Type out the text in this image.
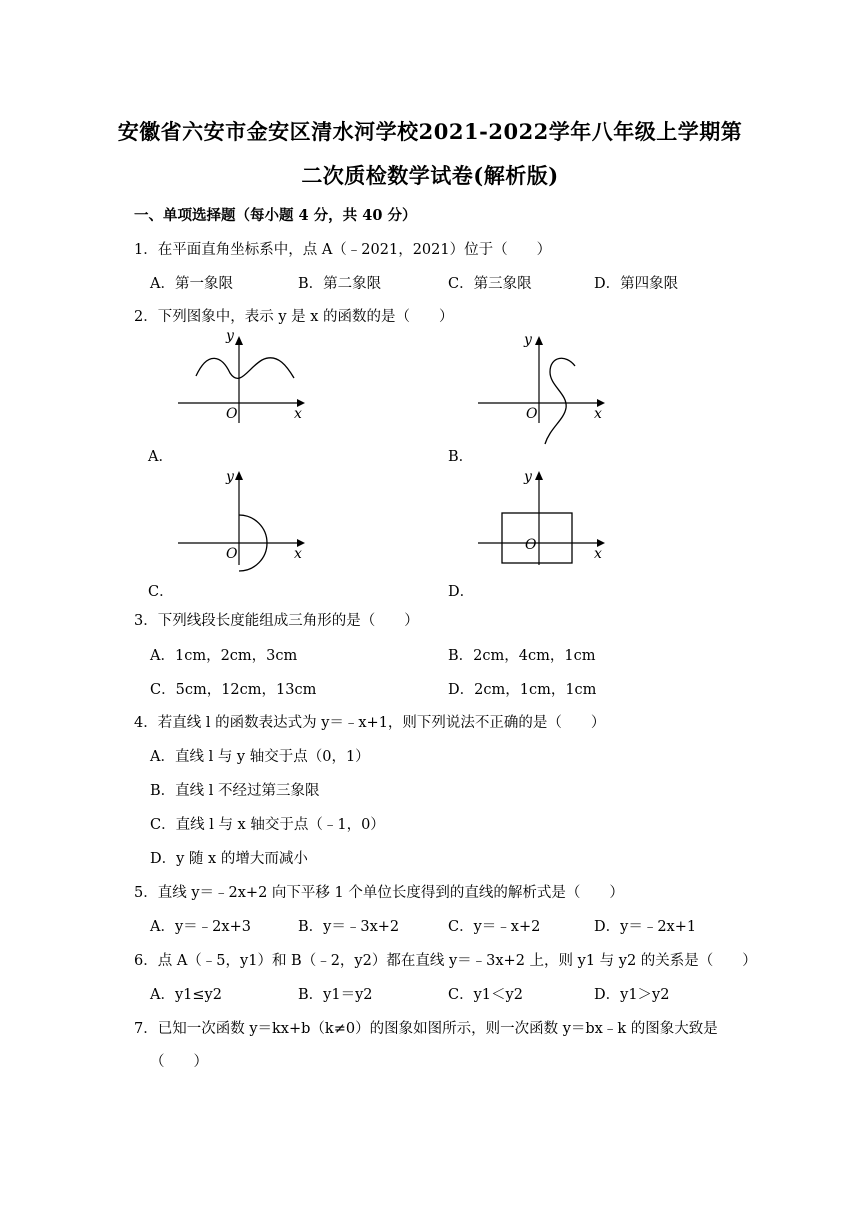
安徽省六安市金安区清水河学校2021-2022学年八年级上学期第
二次质检数学试卷(解析版)
一、单项选择题（每小题 4 分，共 40 分）
1．在平面直角坐标系中，点 A（﹣2021，2021）位于（　　）
A．第一象限	B．第二象限	C．第三象限	D．第四象限
2．下列图象中，表示 y 是 x 的函数的是（　　）
y
x
O
A．
y
x
O
B．
y
x
O
C．
y
x
O
D．
3．下列线段长度能组成三角形的是（　　）
A．1cm，2cm，3cm	B．2cm，4cm，1cm
C．5cm，12cm，13cm	D．2cm，1cm，1cm
4．若直线 l 的函数表达式为 y＝﹣x+1，则下列说法不正确的是（　　）
A．直线 l 与 y 轴交于点（0，1）
B．直线 l 不经过第三象限
C．直线 l 与 x 轴交于点（﹣1，0）
D．y 随 x 的增大而减小
5．直线 y＝﹣2x+2 向下平移 1 个单位长度得到的直线的解析式是（　　）
A．y＝﹣2x+3	B．y＝﹣3x+2	C．y＝﹣x+2	D．y＝﹣2x+1
6．点 A（﹣5，y1）和 B（﹣2，y2）都在直线 y＝﹣3x+2 上，则 y1 与 y2 的关系是（　　）
A．y1≤y2	B．y1＝y2	C．y1＜y2	D．y1＞y2
7．已知一次函数 y＝kx+b（k≠0）的图象如图所示，则一次函数 y＝bx﹣k 的图象大致是
（　　）
